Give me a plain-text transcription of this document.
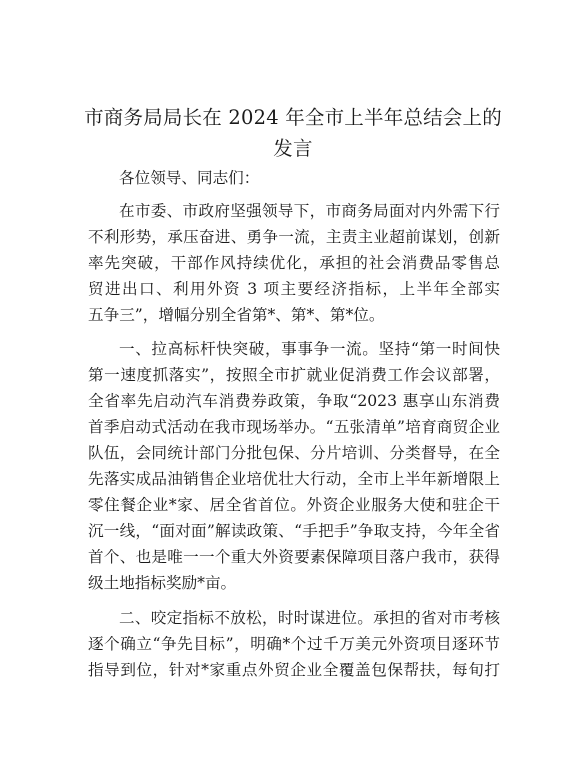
市商务局局长在 2024 年全市上半年总结会上的
发言

各位领导、同志们：

在市委、市政府坚强领导下，市商务局面对内外需下行

不利形势，承压奋进、勇争一流，主责主业超前谋划，创新

率先突破，干部作风持续优化，承担的社会消费品零售总

贸进出口、利用外资 3 项主要经济指标，上半年全部实

五争三”，增幅分别全省第*、第*、第*位。

一、拉高标杆快突破，事事争一流。坚持“第一时间快

第一速度抓落实”，按照全市扩就业促消费工作会议部署，

全省率先启动汽车消费券政策，争取“2023 惠享山东消费

首季启动式活动在我市现场举办。“五张清单”培育商贸企业

队伍，会同统计部门分批包保、分片培训、分类督导，在全

先落实成品油销售企业培优壮大行动，全市上半年新增限上

零住餐企业*家、居全省首位。外资企业服务大使和驻企干

沉一线，“面对面”解读政策、“手把手”争取支持，今年全省

首个、也是唯一一个重大外资要素保障项目落户我市，获得

级土地指标奖励*亩。

二、咬定指标不放松，时时谋进位。承担的省对市考核

逐个确立“争先目标”，明确*个过千万美元外资项目逐环节

指导到位，针对*家重点外贸企业全覆盖包保帮扶，每旬打
